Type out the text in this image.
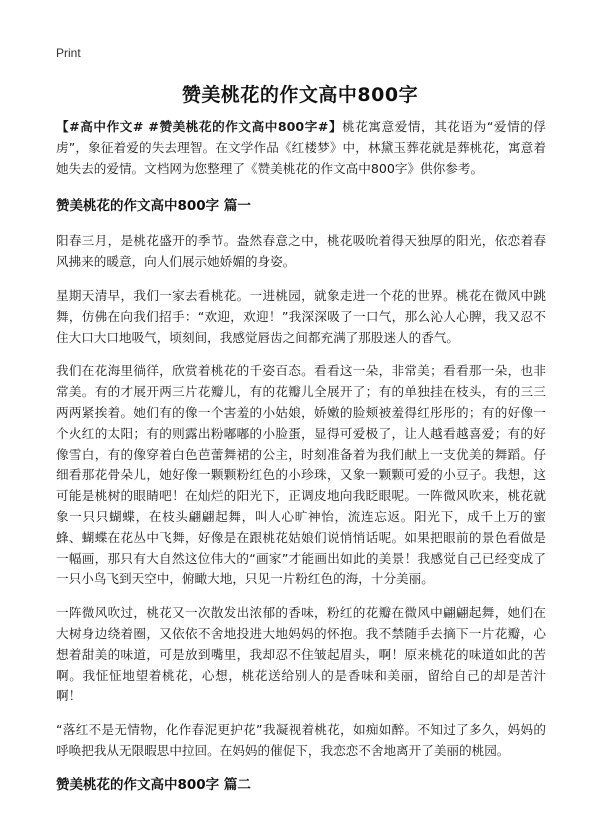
Print
赞美桃花的作文高中800字

【#高中作文# #赞美桃花的作文高中800字#】桃花寓意爱情，其花语为“爱情的俘虏”，象征着爱的失去理智。在文学作品《红楼梦》中，林黛玉葬花就是葬桃花，寓意着她失去的爱情。文档网为您整理了《赞美桃花的作文高中800字》供你参考。

赞美桃花的作文高中800字 篇一

阳春三月，是桃花盛开的季节。盎然春意之中，桃花吸吮着得天独厚的阳光，依恋着春风拂来的暖意，向人们展示她娇媚的身姿。

星期天清早，我们一家去看桃花。一进桃园，就象走进一个花的世界。桃花在微风中跳舞，仿佛在向我们招手：“欢迎，欢迎！”我深深吸了一口气，那么沁人心脾，我又忍不住大口大口地吸气，顷刻间，我感觉唇齿之间都充满了那股迷人的香气。

我们在花海里徜徉，欣赏着桃花的千姿百态。看看这一朵，非常美；看看那一朵，也非常美。有的才展开两三片花瓣儿，有的花瓣儿全展开了；有的单独挂在枝头，有的三三两两紧挨着。她们有的像一个害羞的小姑娘，娇嫩的脸颊被羞得红彤彤的；有的好像一个火红的太阳；有的则露出粉嘟嘟的小脸蛋，显得可爱极了，让人越看越喜爱；有的好像雪白，有的像穿着白色芭蕾舞裙的公主，时刻准备着为我们献上一支优美的舞蹈。仔细看那花骨朵儿，她好像一颗颗粉红色的小珍珠，又象一颗颗可爱的小豆子。我想，这可能是桃树的眼睛吧！在灿烂的阳光下，正调皮地向我眨眼呢。一阵微风吹来，桃花就象一只只蝴蝶，在枝头翩翩起舞，叫人心旷神怡，流连忘返。阳光下，成千上万的蜜蜂、蝴蝶在花丛中飞舞，好像是在跟桃花姑娘们说悄悄话呢。如果把眼前的景色看做是一幅画，那只有大自然这位伟大的“画家”才能画出如此的美景！我感觉自己已经变成了一只小鸟飞到天空中，俯瞰大地，只见一片粉红色的海，十分美丽。

一阵微风吹过，桃花又一次散发出浓郁的香味，粉红的花瓣在微风中翩翩起舞，她们在大树身边绕着圈，又依依不舍地投进大地妈妈的怀抱。我不禁随手去摘下一片花瓣，心想着甜美的味道，可是放到嘴里，我却忍不住皱起眉头，啊！原来桃花的味道如此的苦啊。我怔怔地望着桃花，心想，桃花送给别人的是香味和美丽，留给自己的却是苦汁啊！

“落红不是无情物，化作春泥更护花”我凝视着桃花，如痴如醉。不知过了多久，妈妈的呼唤把我从无限暇思中拉回。在妈妈的催促下，我恋恋不舍地离开了美丽的桃园。

赞美桃花的作文高中800字 篇二
